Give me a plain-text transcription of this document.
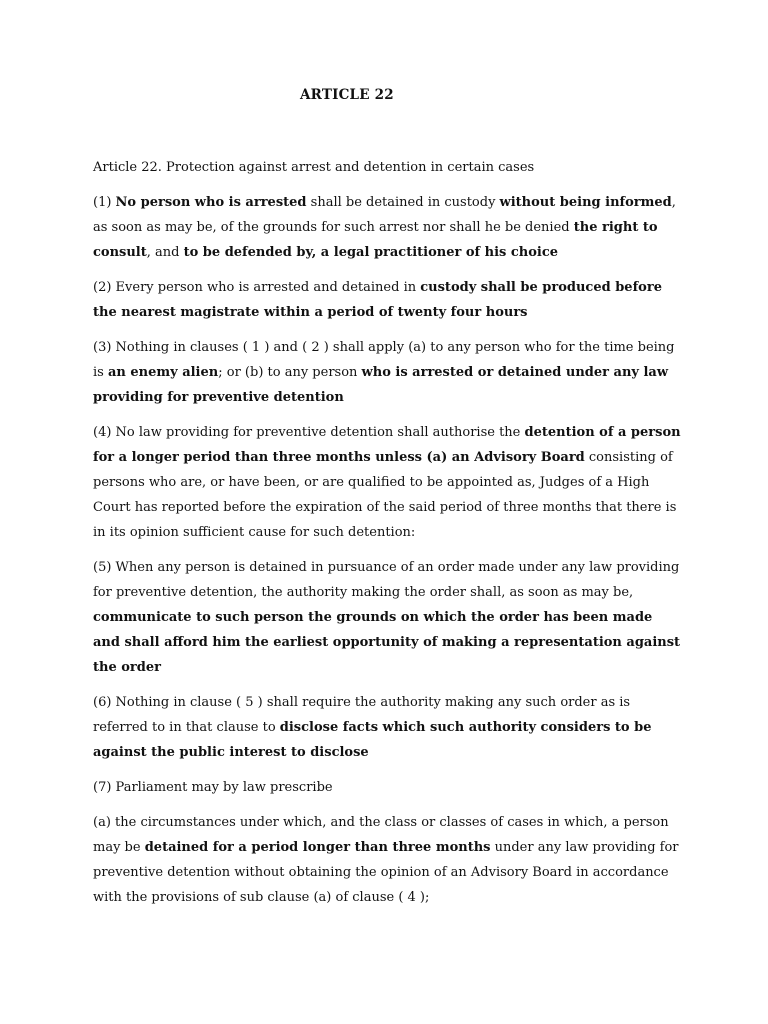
ARTICLE 22

Article 22. Protection against arrest and detention in certain cases

(1) No person who is arrested shall be detained in custody without being informed, as soon as may be, of the grounds for such arrest nor shall he be denied the right to consult, and to be defended by, a legal practitioner of his choice

(2) Every person who is arrested and detained in custody shall be produced before the nearest magistrate within a period of twenty four hours

(3) Nothing in clauses ( 1 ) and ( 2 ) shall apply (a) to any person who for the time being is an enemy alien; or (b) to any person who is arrested or detained under any law providing for preventive detention

(4) No law providing for preventive detention shall authorise the detention of a person for a longer period than three months unless (a) an Advisory Board consisting of persons who are, or have been, or are qualified to be appointed as, Judges of a High Court has reported before the expiration of the said period of three months that there is in its opinion sufficient cause for such detention:

(5) When any person is detained in pursuance of an order made under any law providing for preventive detention, the authority making the order shall, as soon as may be, communicate to such person the grounds on which the order has been made and shall afford him the earliest opportunity of making a representation against the order

(6) Nothing in clause ( 5 ) shall require the authority making any such order as is referred to in that clause to disclose facts which such authority considers to be against the public interest to disclose

(7) Parliament may by law prescribe

(a) the circumstances under which, and the class or classes of cases in which, a person may be detained for a period longer than three months under any law providing for preventive detention without obtaining the opinion of an Advisory Board in accordance with the provisions of sub clause (a) of clause ( 4 );
